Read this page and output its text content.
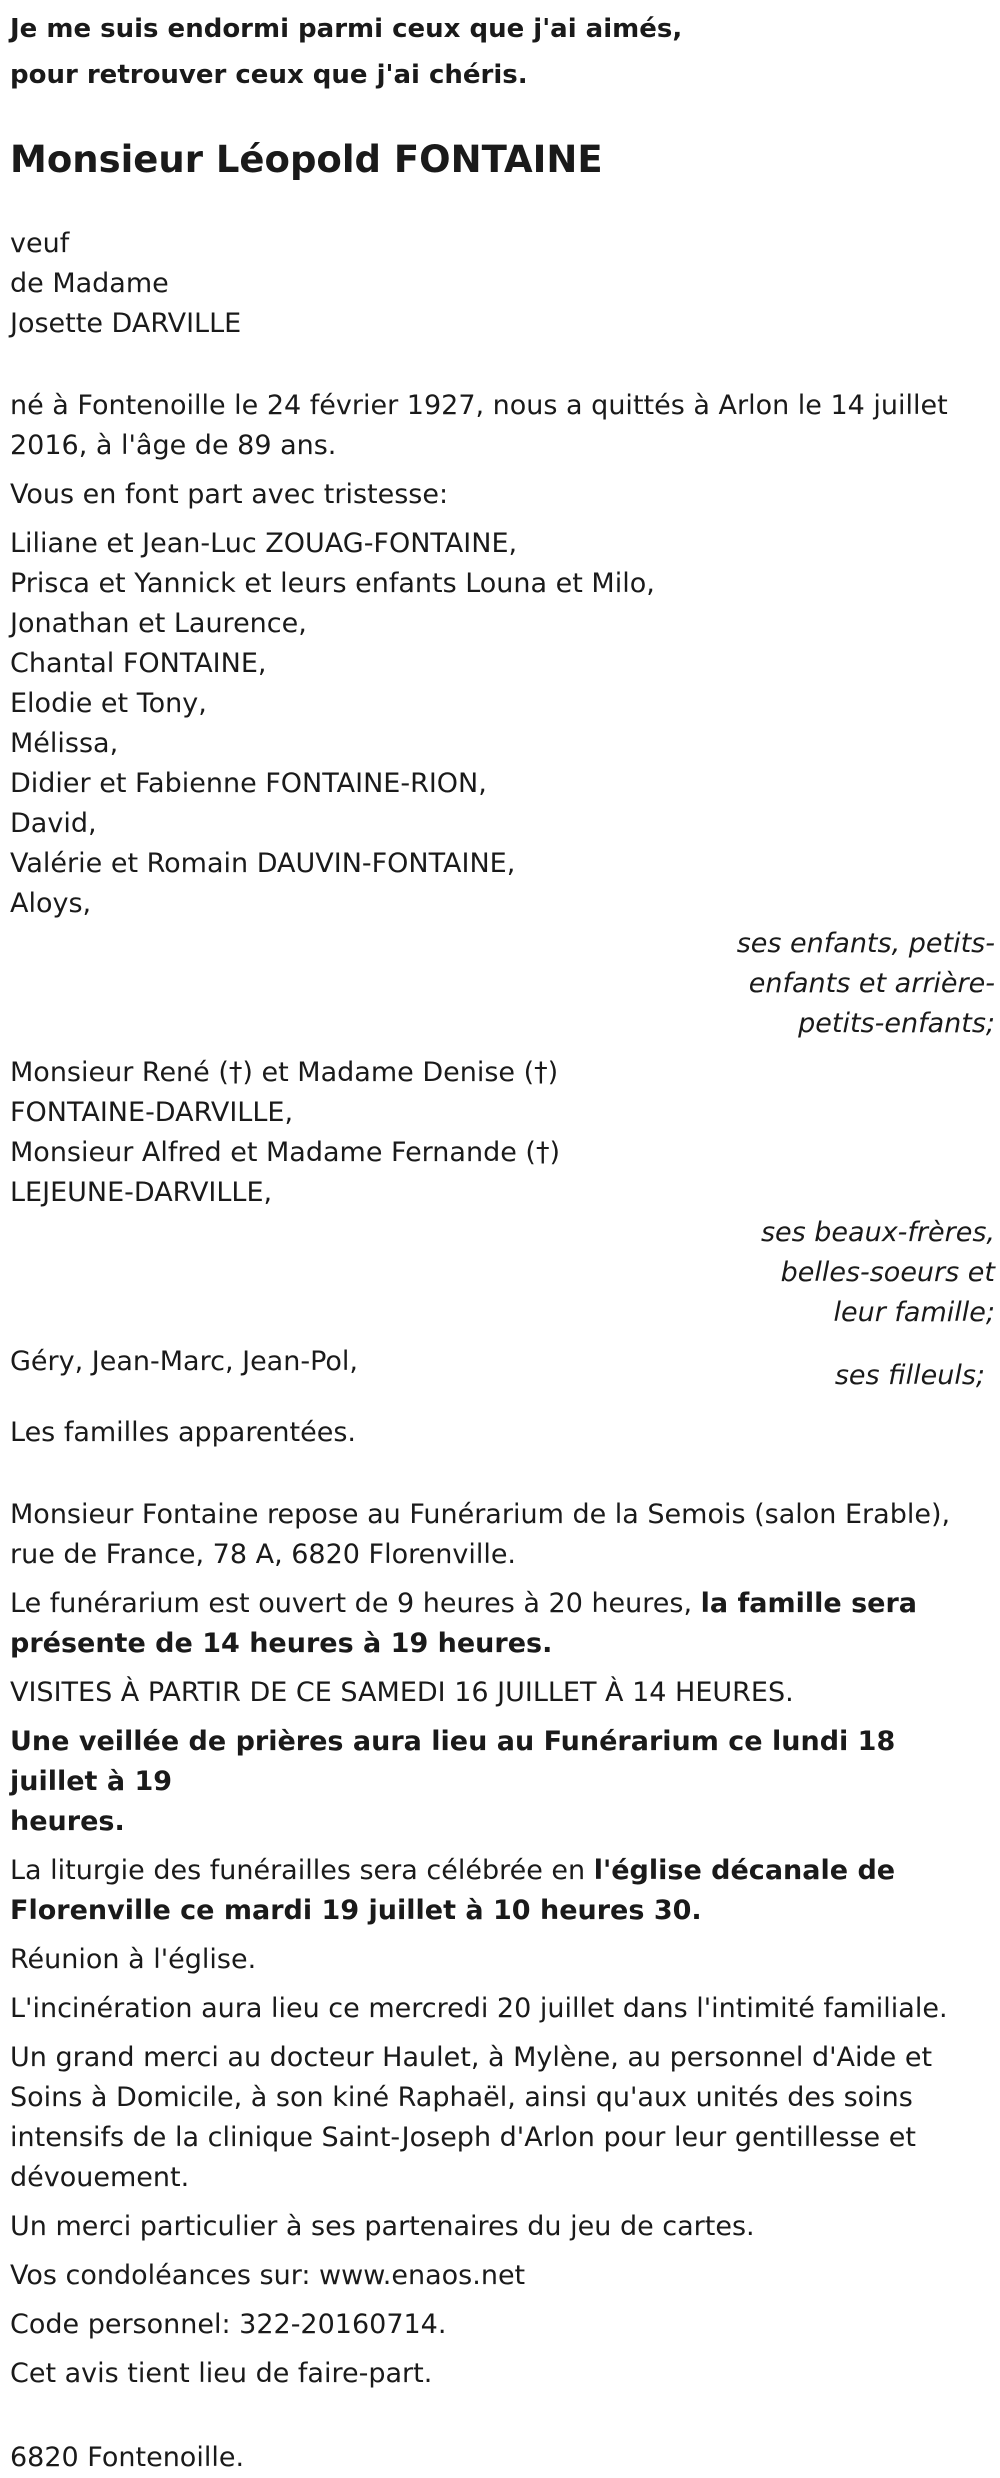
Je me suis endormi parmi ceux que j'ai aimés,

pour retrouver ceux que j'ai chéris.

Monsieur Léopold FONTAINE

veuf

de Madame

Josette DARVILLE

né à Fontenoille le 24 février 1927, nous a quittés à Arlon le 14 juillet

2016, à l'âge de 89 ans.

Vous en font part avec tristesse:

Liliane et Jean-Luc ZOUAG-FONTAINE,

Prisca et Yannick et leurs enfants Louna et Milo,

Jonathan et Laurence,

Chantal FONTAINE,

Elodie et Tony,

Mélissa,

Didier et Fabienne FONTAINE-RION,

David,

Valérie et Romain DAUVIN-FONTAINE,

Aloys,

ses enfants, petits-

enfants et arrière-

petits-enfants;

Monsieur René (†) et Madame Denise (†)

FONTAINE-DARVILLE,

Monsieur Alfred et Madame Fernande (†)

LEJEUNE-DARVILLE,

ses beaux-frères,

belles-soeurs et

leur famille;

Géry, Jean-Marc, Jean-Pol,	ses filleuls;

Les familles apparentées.

Monsieur Fontaine repose au Funérarium de la Semois (salon Erable),

rue de France, 78 A, 6820 Florenville.

Le funérarium est ouvert de 9 heures à 20 heures, la famille sera

présente de 14 heures à 19 heures.

VISITES À PARTIR DE CE SAMEDI 16 JUILLET À 14 HEURES.

Une veillée de prières aura lieu au Funérarium ce lundi 18 juillet à 19

heures.

La liturgie des funérailles sera célébrée en l'église décanale de

Florenville ce mardi 19 juillet à 10 heures 30.

Réunion à l'église.

L'incinération aura lieu ce mercredi 20 juillet dans l'intimité familiale.

Un grand merci au docteur Haulet, à Mylène, au personnel d'Aide et

Soins à Domicile, à son kiné Raphaël, ainsi qu'aux unités des soins

intensifs de la clinique Saint-Joseph d'Arlon pour leur gentillesse et

dévouement.

Un merci particulier à ses partenaires du jeu de cartes.

Vos condoléances sur: www.enaos.net

Code personnel: 322-20160714.

Cet avis tient lieu de faire-part.

6820 Fontenoille.
